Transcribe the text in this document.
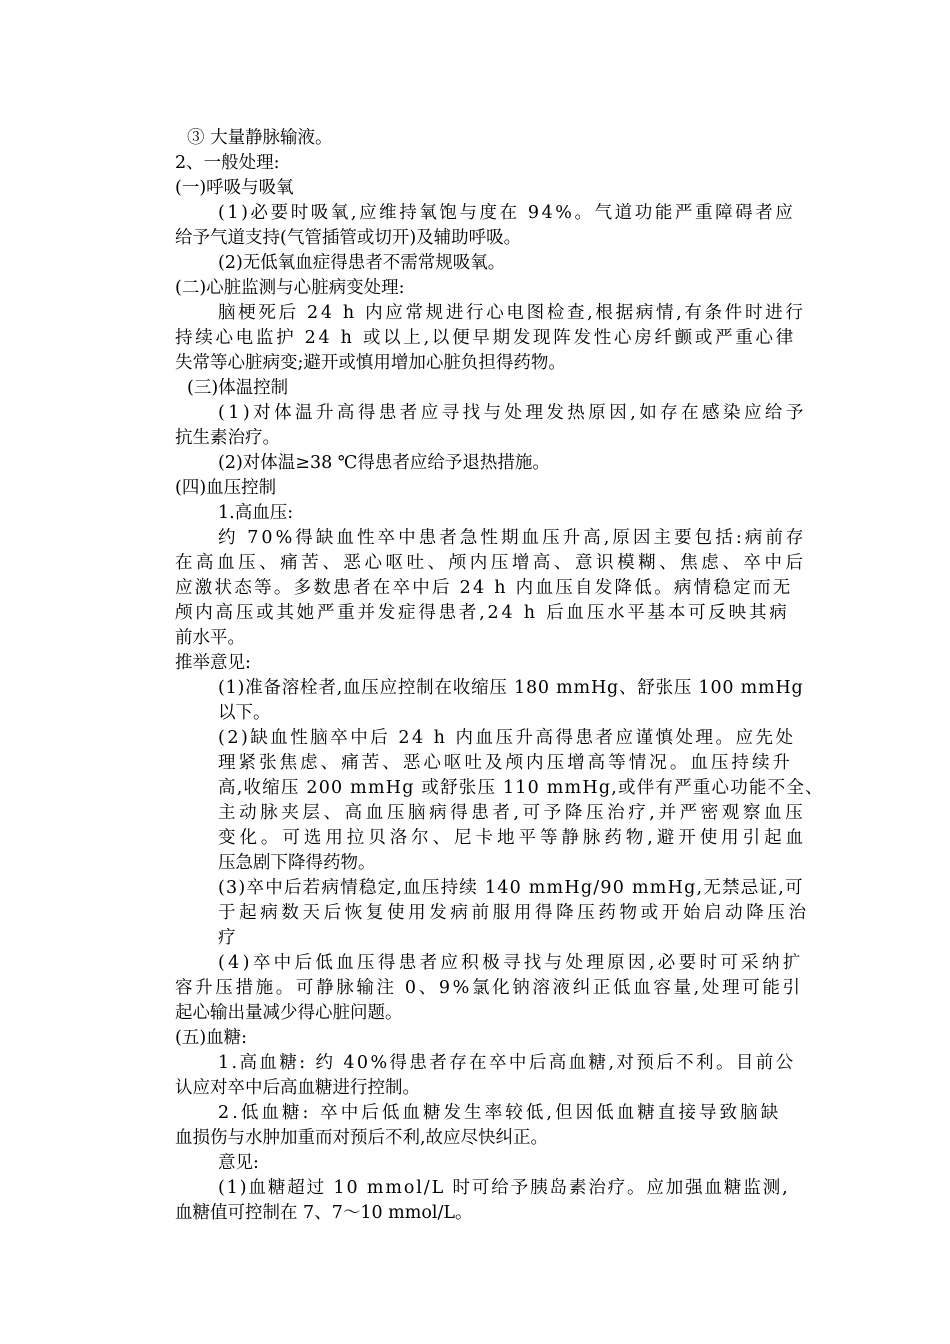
③ 大量静脉输液。
2、一般处理:
(一)呼吸与吸氧
(1)必要时吸氧,应维持氧饱与度在 94%。气道功能严重障碍者应
给予气道支持(气管插管或切开)及辅助呼吸。
(2)无低氧血症得患者不需常规吸氧。
(二)心脏监测与心脏病变处理:
脑梗死后 24 h 内应常规进行心电图检查,根据病情,有条件时进行
持续心电监护 24 h 或以上,以便早期发现阵发性心房纤颤或严重心律
失常等心脏病变;避开或慎用增加心脏负担得药物。
(三)体温控制
(1)对体温升高得患者应寻找与处理发热原因,如存在感染应给予
抗生素治疗。
(2)对体温≥38 ℃得患者应给予退热措施。
(四)血压控制
1.高血压:
约 70%得缺血性卒中患者急性期血压升高,原因主要包括:病前存
在高血压、痛苦、恶心呕吐、颅内压增高、意识模糊、焦虑、卒中后
应激状态等。多数患者在卒中后 24 h 内血压自发降低。病情稳定而无
颅内高压或其她严重并发症得患者,24 h 后血压水平基本可反映其病
前水平。
推举意见:
(1)准备溶栓者,血压应控制在收缩压 180 mmHg、舒张压 100 mmHg
以下。
(2)缺血性脑卒中后 24 h 内血压升高得患者应谨慎处理。应先处
理紧张焦虑、痛苦、恶心呕吐及颅内压增高等情况。血压持续升
高,收缩压 200 mmHg 或舒张压 110 mmHg,或伴有严重心功能不全、
主动脉夹层、高血压脑病得患者,可予降压治疗,并严密观察血压
变化。可选用拉贝洛尔、尼卡地平等静脉药物,避开使用引起血
压急剧下降得药物。
(3)卒中后若病情稳定,血压持续 140 mmHg/90 mmHg,无禁忌证,可
于起病数天后恢复使用发病前服用得降压药物或开始启动降压治
疗
(4)卒中后低血压得患者应积极寻找与处理原因,必要时可采纳扩
容升压措施。可静脉输注 0、9%氯化钠溶液纠正低血容量,处理可能引
起心输出量减少得心脏问题。
(五)血糖:
1.高血糖: 约 40%得患者存在卒中后高血糖,对预后不利。目前公
认应对卒中后高血糖进行控制。
2.低血糖: 卒中后低血糖发生率较低,但因低血糖直接导致脑缺
血损伤与水肿加重而对预后不利,故应尽快纠正。
意见:
(1)血糖超过 10 mmol/L 时可给予胰岛素治疗。应加强血糖监测,
血糖值可控制在 7、7～10 mmol/L。
